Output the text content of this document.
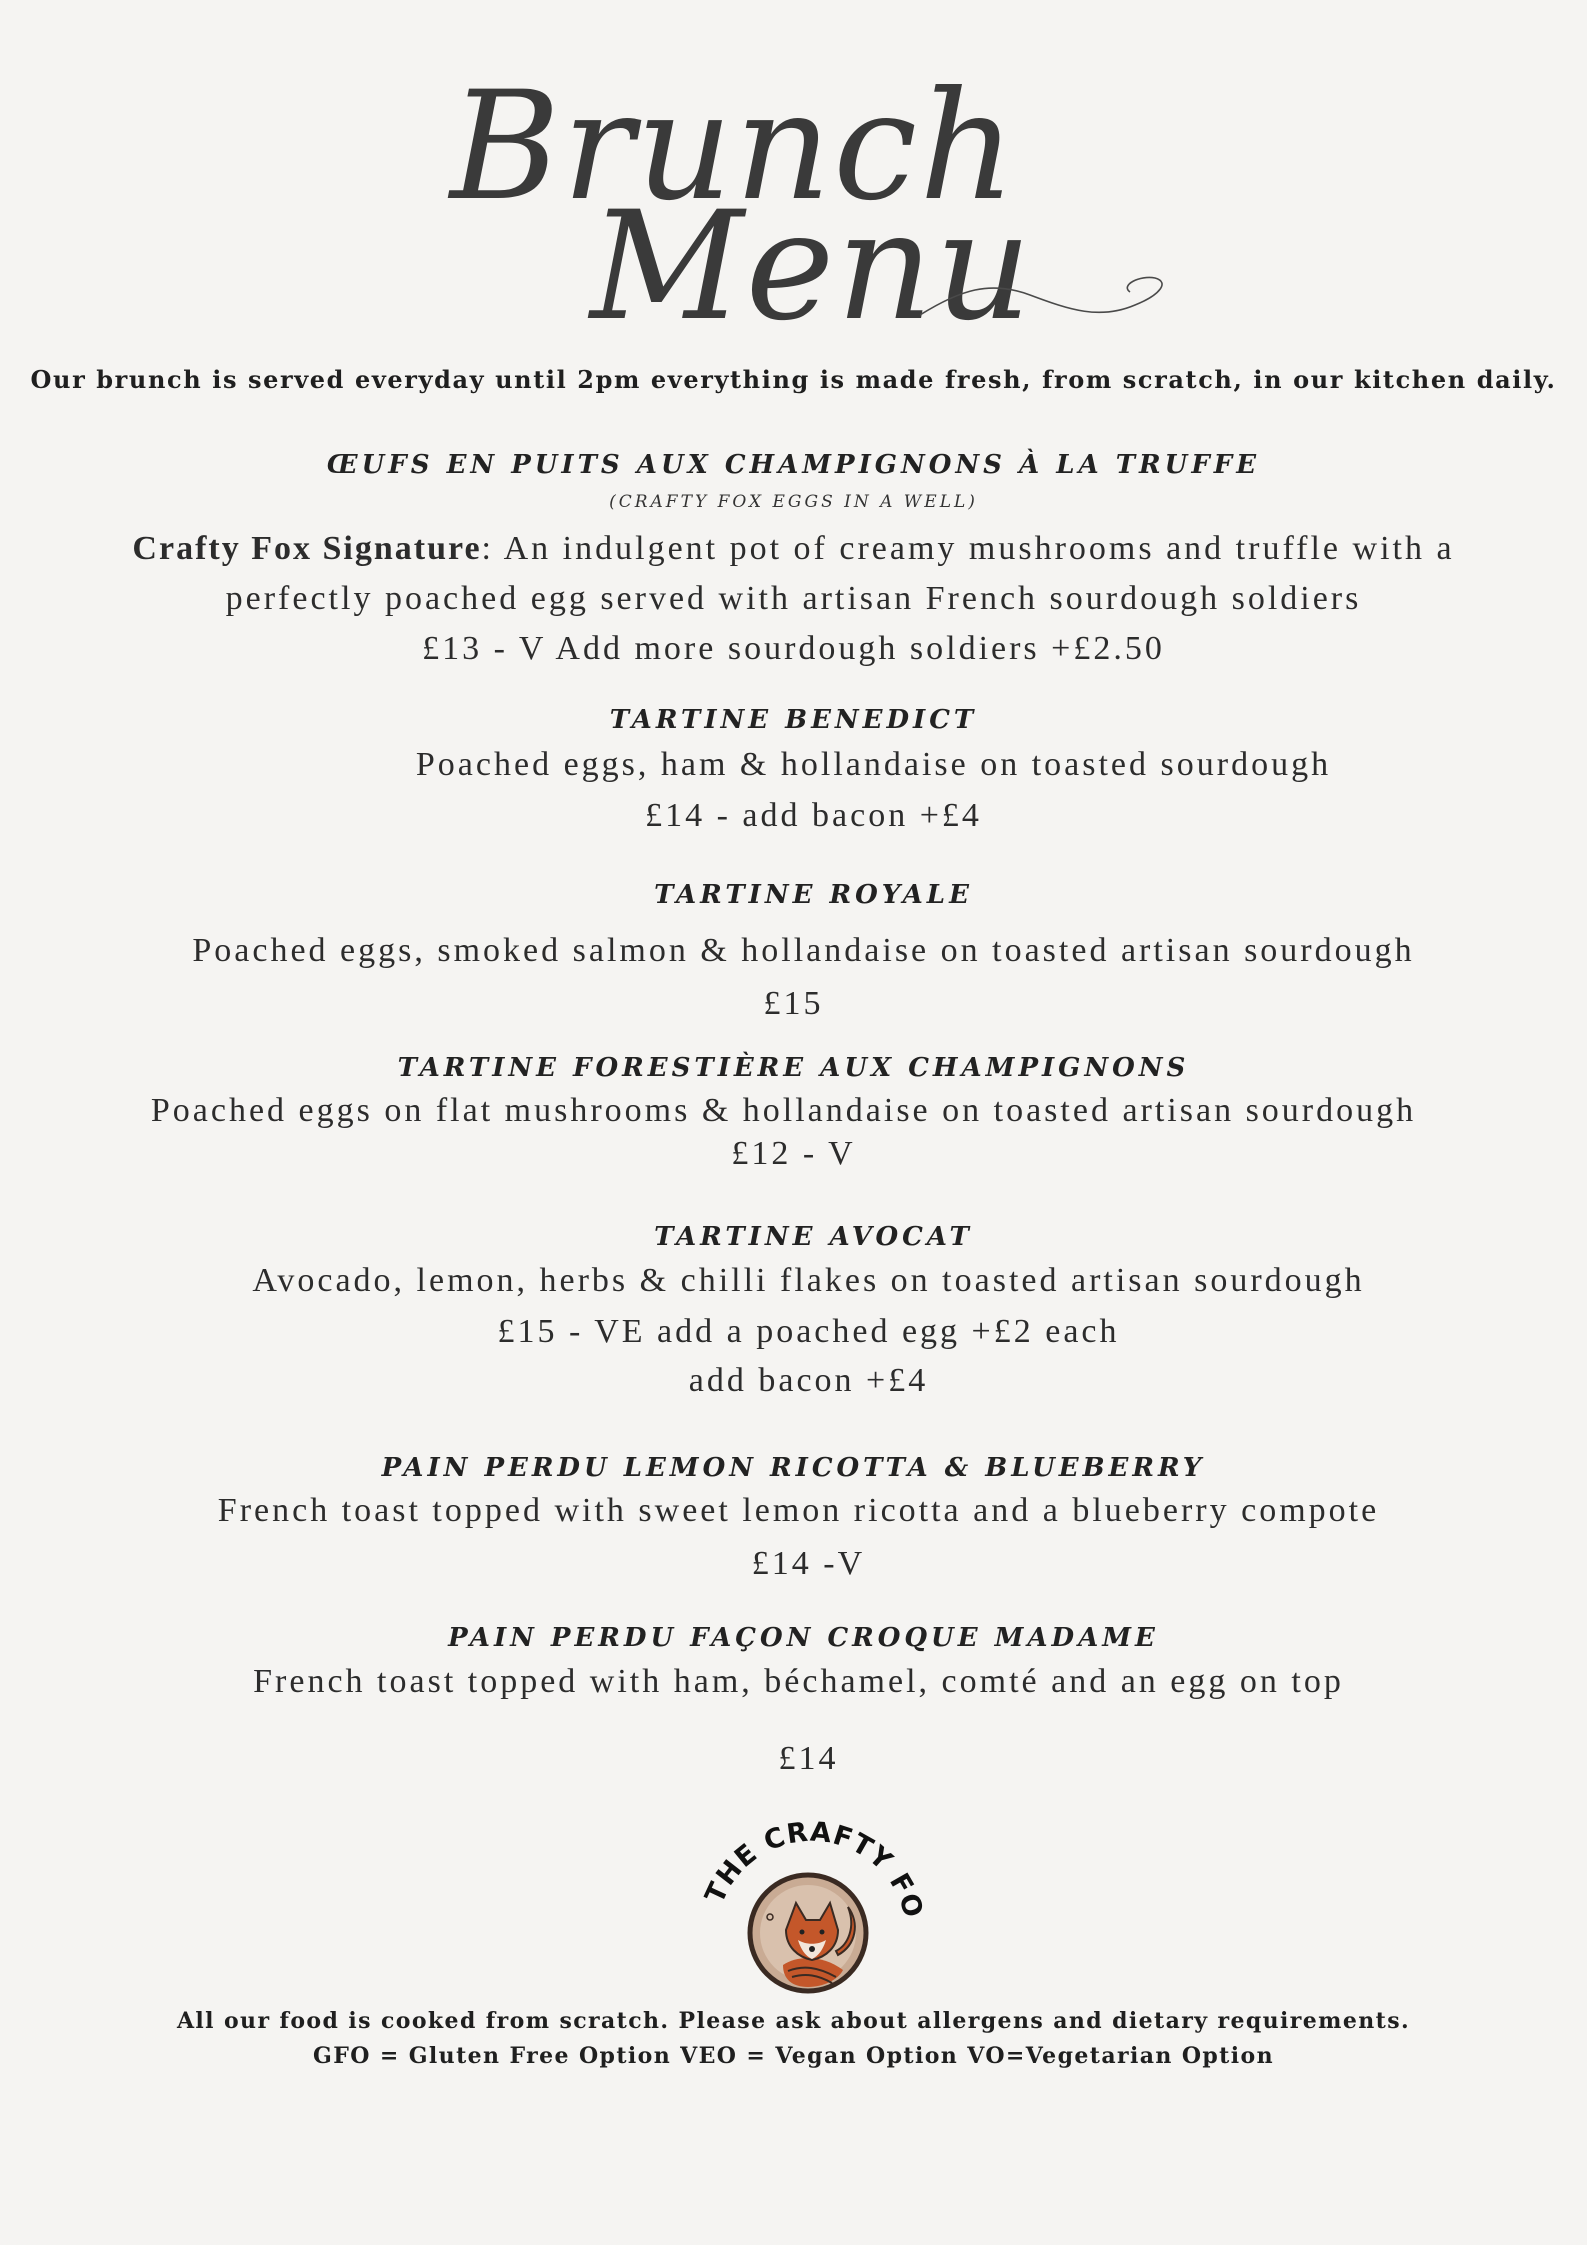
Brunch
Menu
Our brunch is served everyday until 2pm everything is made fresh, from scratch, in our kitchen daily.
ŒUFS EN PUITS AUX CHAMPIGNONS À LA TRUFFE
(CRAFTY FOX EGGS IN A WELL)
Crafty Fox Signature: An indulgent pot of creamy mushrooms and truffle with a
perfectly poached egg served with artisan French sourdough soldiers
£13 - V Add more sourdough soldiers +£2.50
TARTINE BENEDICT
Poached eggs, ham & hollandaise on toasted sourdough
£14 - add bacon +£4
TARTINE ROYALE
Poached eggs, smoked salmon & hollandaise on toasted artisan sourdough
£15
TARTINE FORESTIÈRE AUX CHAMPIGNONS
Poached eggs on flat mushrooms & hollandaise on toasted artisan sourdough
£12 - V
TARTINE AVOCAT
Avocado, lemon, herbs & chilli flakes on toasted artisan sourdough
£15 - VE add a poached egg +£2 each
add bacon +£4
PAIN PERDU LEMON RICOTTA & BLUEBERRY
French toast topped with sweet lemon ricotta and a blueberry compote
£14 -V
PAIN PERDU FAÇON CROQUE MADAME
French toast topped with ham, béchamel, comté and an egg on top
£14
THE CRAFTY FO
All our food is cooked from scratch. Please ask about allergens and dietary requirements.
GFO = Gluten Free Option VEO = Vegan Option VO=Vegetarian Option
